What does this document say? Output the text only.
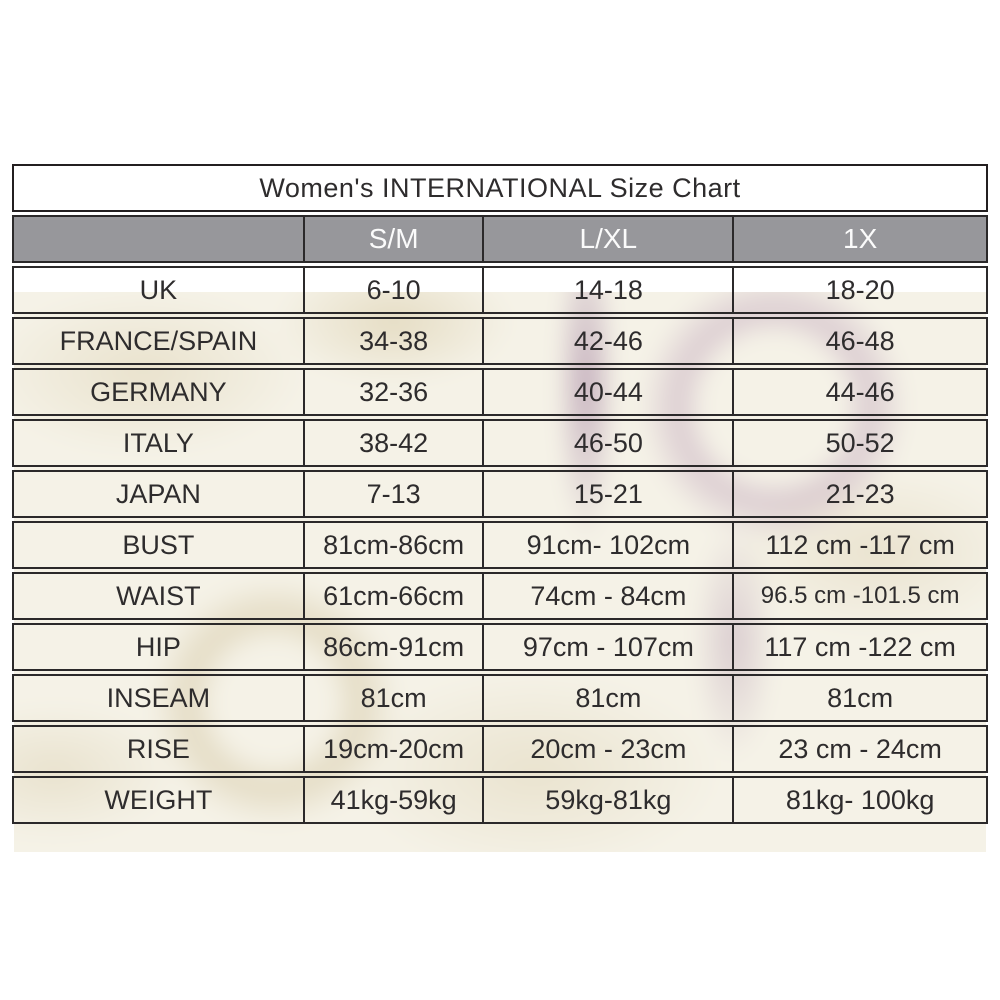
Women's INTERNATIONAL Size Chart			
	S/M	L/XL	1X
UK	6-10	14-18	18-20
FRANCE/SPAIN	34-38	42-46	46-48
GERMANY	32-36	40-44	44-46
ITALY	38-42	46-50	50-52
JAPAN	7-13	15-21	21-23
BUST	81cm-86cm	91cm- 102cm	112 cm -117 cm
WAIST	61cm-66cm	74cm - 84cm	96.5 cm -101.5 cm
HIP	86cm-91cm	97cm - 107cm	117 cm -122 cm
INSEAM	81cm	81cm	81cm
RISE	19cm-20cm	20cm - 23cm	23 cm - 24cm
WEIGHT	41kg-59kg	59kg-81kg	81kg- 100kg
